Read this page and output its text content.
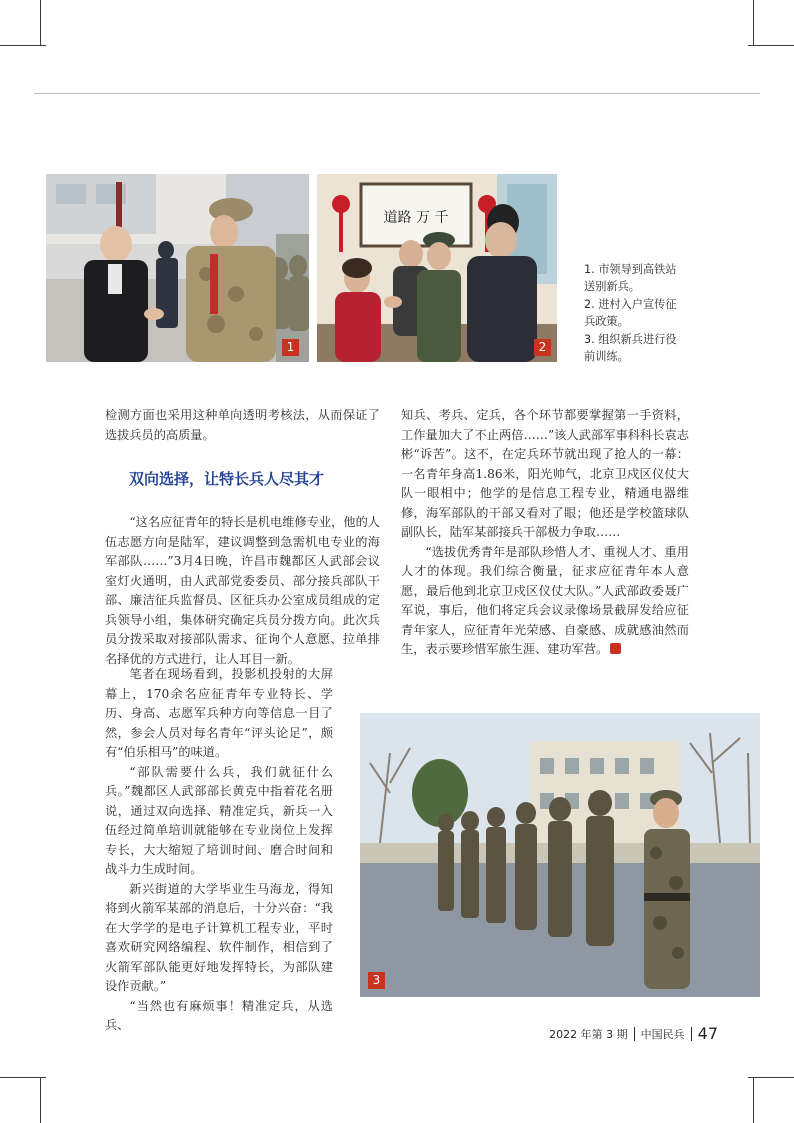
1
道路 万 千
2
1. 市领导到高铁站
送别新兵。
2. 进村入户宣传征
兵政策。
3. 组织新兵进行役
前训练。

检测方面也采用这种单向透明考核法，从而保证了选拔兵员的高质量。

双向选择，让特长兵人尽其才

“这名应征青年的特长是机电维修专业，他的人伍志愿方向是陆军，建议调整到急需机电专业的海军部队……”3月4日晚，许昌市魏都区人武部会议室灯火通明，由人武部党委委员、部分接兵部队干部、廉洁征兵监督员、区征兵办公室成员组成的定兵领导小组，集体研究确定兵员分拨方向。此次兵员分拨采取对接部队需求、征询个人意愿、拉单排名择优的方式进行，让人耳目一新。

笔者在现场看到，投影机投射的大屏幕上，170余名应征青年专业特长、学历、身高、志愿军兵种方向等信息一目了然，参会人员对每名青年“评头论足”，颇有“伯乐相马”的味道。

“部队需要什么兵，我们就征什么兵。”魏都区人武部部长黄克中指着花名册说，通过双向选择、精准定兵，新兵一入伍经过简单培训就能够在专业岗位上发挥专长，大大缩短了培训时间、磨合时间和战斗力生成时间。

新兴街道的大学毕业生马海龙，得知将到火箭军某部的消息后，十分兴奋：“我在大学学的是电子计算机工程专业，平时喜欢研究网络编程、软件制作，相信到了火箭军部队能更好地发挥特长，为部队建设作贡献。”

“当然也有麻烦事！精准定兵，从选兵、

知兵、考兵、定兵，各个环节都要掌握第一手资料，工作量加大了不止两倍……”该人武部军事科科长袁志彬“诉苦”。这不，在定兵环节就出现了抢人的一幕：一名青年身高1.86米，阳光帅气，北京卫戍区仪仗大队一眼相中；他学的是信息工程专业，精通电器维修，海军部队的干部又看对了眼；他还是学校篮球队副队长，陆军某部接兵干部极力争取……

“选拔优秀青年是部队珍惜人才、重视人才、重用人才的体现。我们综合衡量，征求应征青年本人意愿，最后他到北京卫戍区仪仗大队。”人武部政委聂广军说，事后，他们将定兵会议录像场景截屏发给应征青年家人，应征青年光荣感、自豪感、成就感油然而生，表示要珍惜军旅生涯、建功军营。

3
2022 年第 3 期 中国民兵 47
